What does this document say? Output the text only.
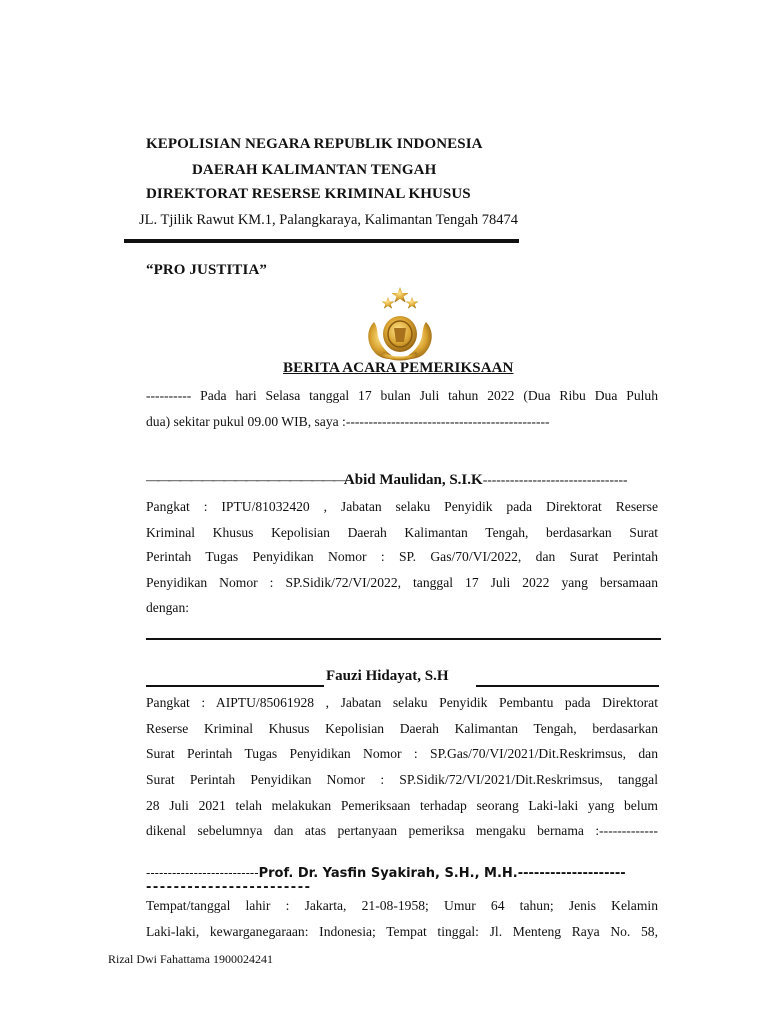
KEPOLISIAN NEGARA REPUBLIK INDONESIA
DAERAH KALIMANTAN TENGAH
DIREKTORAT RESERSE KRIMINAL KHUSUS
JL. Tjilik Rawut KM.1, Palangkaraya, Kalimantan Tengah 78474
“PRO JUSTITIA”
BERITA ACARA PEMERIKSAAN
---------- Pada hari Selasa tanggal 17 bulan Juli tahun 2022 (Dua Ribu Dua Puluh
dua) sekitar pukul 09.00 WIB, saya :---------------------------------------------
——————————————————Abid Maulidan, S.I.K--------------------------------
Pangkat : IPTU/81032420 , Jabatan selaku Penyidik pada Direktorat Reserse
Kriminal Khusus Kepolisian Daerah Kalimantan Tengah, berdasarkan Surat
Perintah Tugas Penyidikan Nomor : SP. Gas/70/VI/2022, dan Surat Perintah
Penyidikan Nomor : SP.Sidik/72/VI/2022, tanggal 17 Juli 2022 yang bersamaan
dengan:
Fauzi Hidayat, S.H
Pangkat : AIPTU/85061928 , Jabatan selaku Penyidik Pembantu pada Direktorat
Reserse Kriminal Khusus Kepolisian Daerah Kalimantan Tengah, berdasarkan
Surat Perintah Tugas Penyidikan Nomor : SP.Gas/70/VI/2021/Dit.Reskrimsus, dan
Surat Perintah Penyidikan Nomor : SP.Sidik/72/VI/2021/Dit.Reskrimsus, tanggal
28 Juli 2021 telah melakukan Pemeriksaan terhadap seorang Laki-laki yang belum
dikenal sebelumnya dan atas pertanyaan pemeriksa mengaku bernama :-------------
--------------------------Prof. Dr. Yasfin Syakirah, S.H., M.H.--------------------
------------------------
Tempat/tanggal lahir : Jakarta, 21-08-1958; Umur 64 tahun; Jenis Kelamin
Laki-laki, kewarganegaraan: Indonesia; Tempat tinggal: Jl. Menteng Raya No. 58,
Rizal Dwi Fahattama 1900024241
